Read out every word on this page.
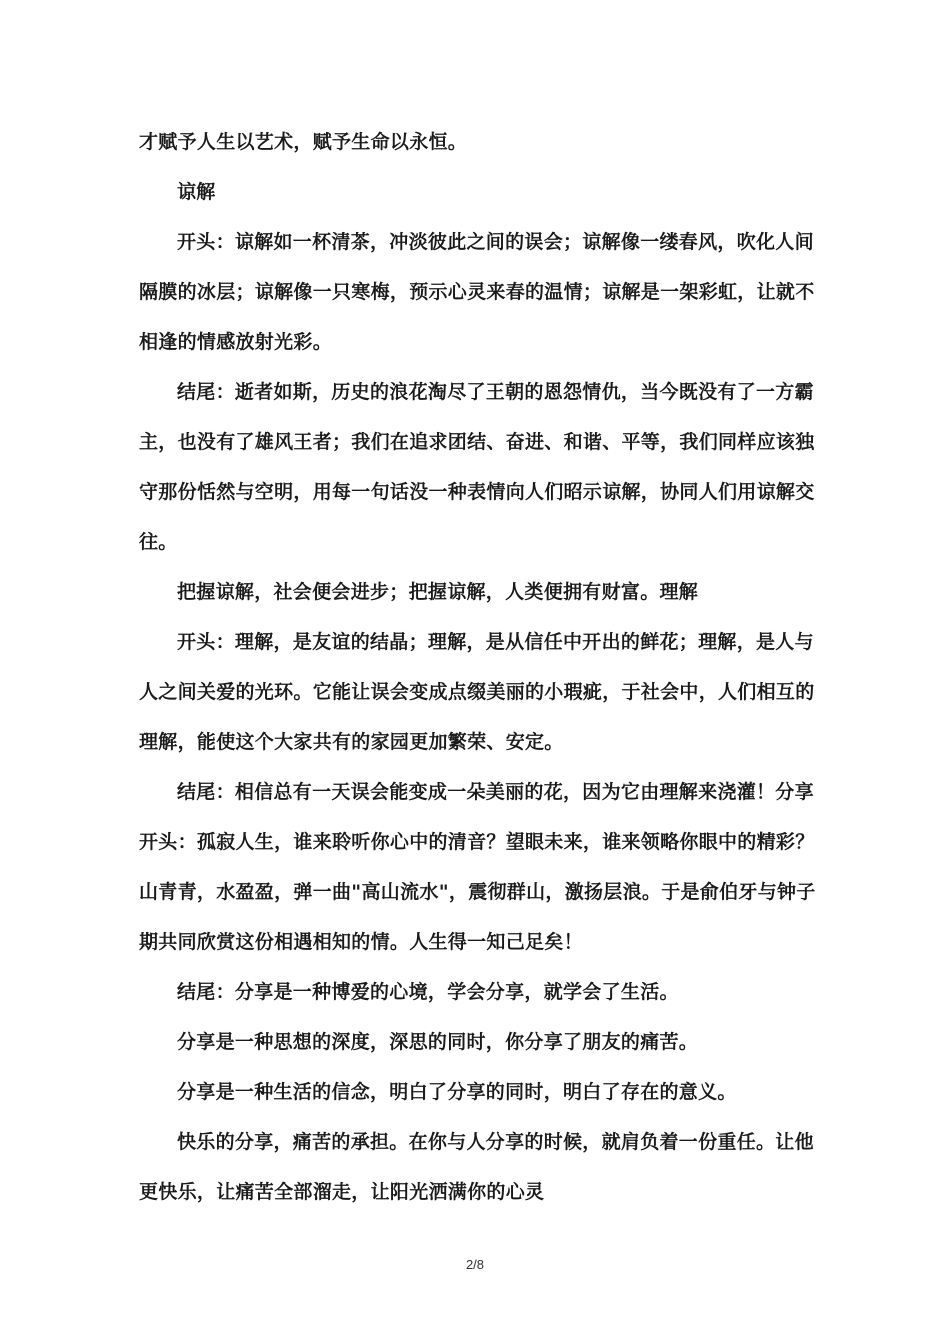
才赋予人生以艺术，赋予生命以永恒。
谅解
开头：谅解如一杯清茶，冲淡彼此之间的误会；谅解像一缕春风，吹化人间
隔膜的冰层；谅解像一只寒梅，预示心灵来春的温情；谅解是一架彩虹，让就不
相逢的情感放射光彩。
结尾：逝者如斯，历史的浪花淘尽了王朝的恩怨情仇，当今既没有了一方霸
主，也没有了雄风王者；我们在追求团结、奋进、和谐、平等，我们同样应该独
守那份恬然与空明，用每一句话没一种表情向人们昭示谅解，协同人们用谅解交
往。
把握谅解，社会便会进步；把握谅解，人类便拥有财富。理解
开头：理解，是友谊的结晶；理解，是从信任中开出的鲜花；理解，是人与
人之间关爱的光环。它能让误会变成点缀美丽的小瑕疵，于社会中，人们相互的
理解，能使这个大家共有的家园更加繁荣、安定。
结尾：相信总有一天误会能变成一朵美丽的花，因为它由理解来浇灌！分享
开头：孤寂人生，谁来聆听你心中的清音？望眼未来，谁来领略你眼中的精彩？
山青青，水盈盈，弹一曲"高山流水"，震彻群山，激扬层浪。于是俞伯牙与钟子
期共同欣赏这份相遇相知的情。人生得一知己足矣！
结尾：分享是一种博爱的心境，学会分享，就学会了生活。
分享是一种思想的深度，深思的同时，你分享了朋友的痛苦。
分享是一种生活的信念，明白了分享的同时，明白了存在的意义。
快乐的分享，痛苦的承担。在你与人分享的时候，就肩负着一份重任。让他
更快乐，让痛苦全部溜走，让阳光洒满你的心灵
2/8
